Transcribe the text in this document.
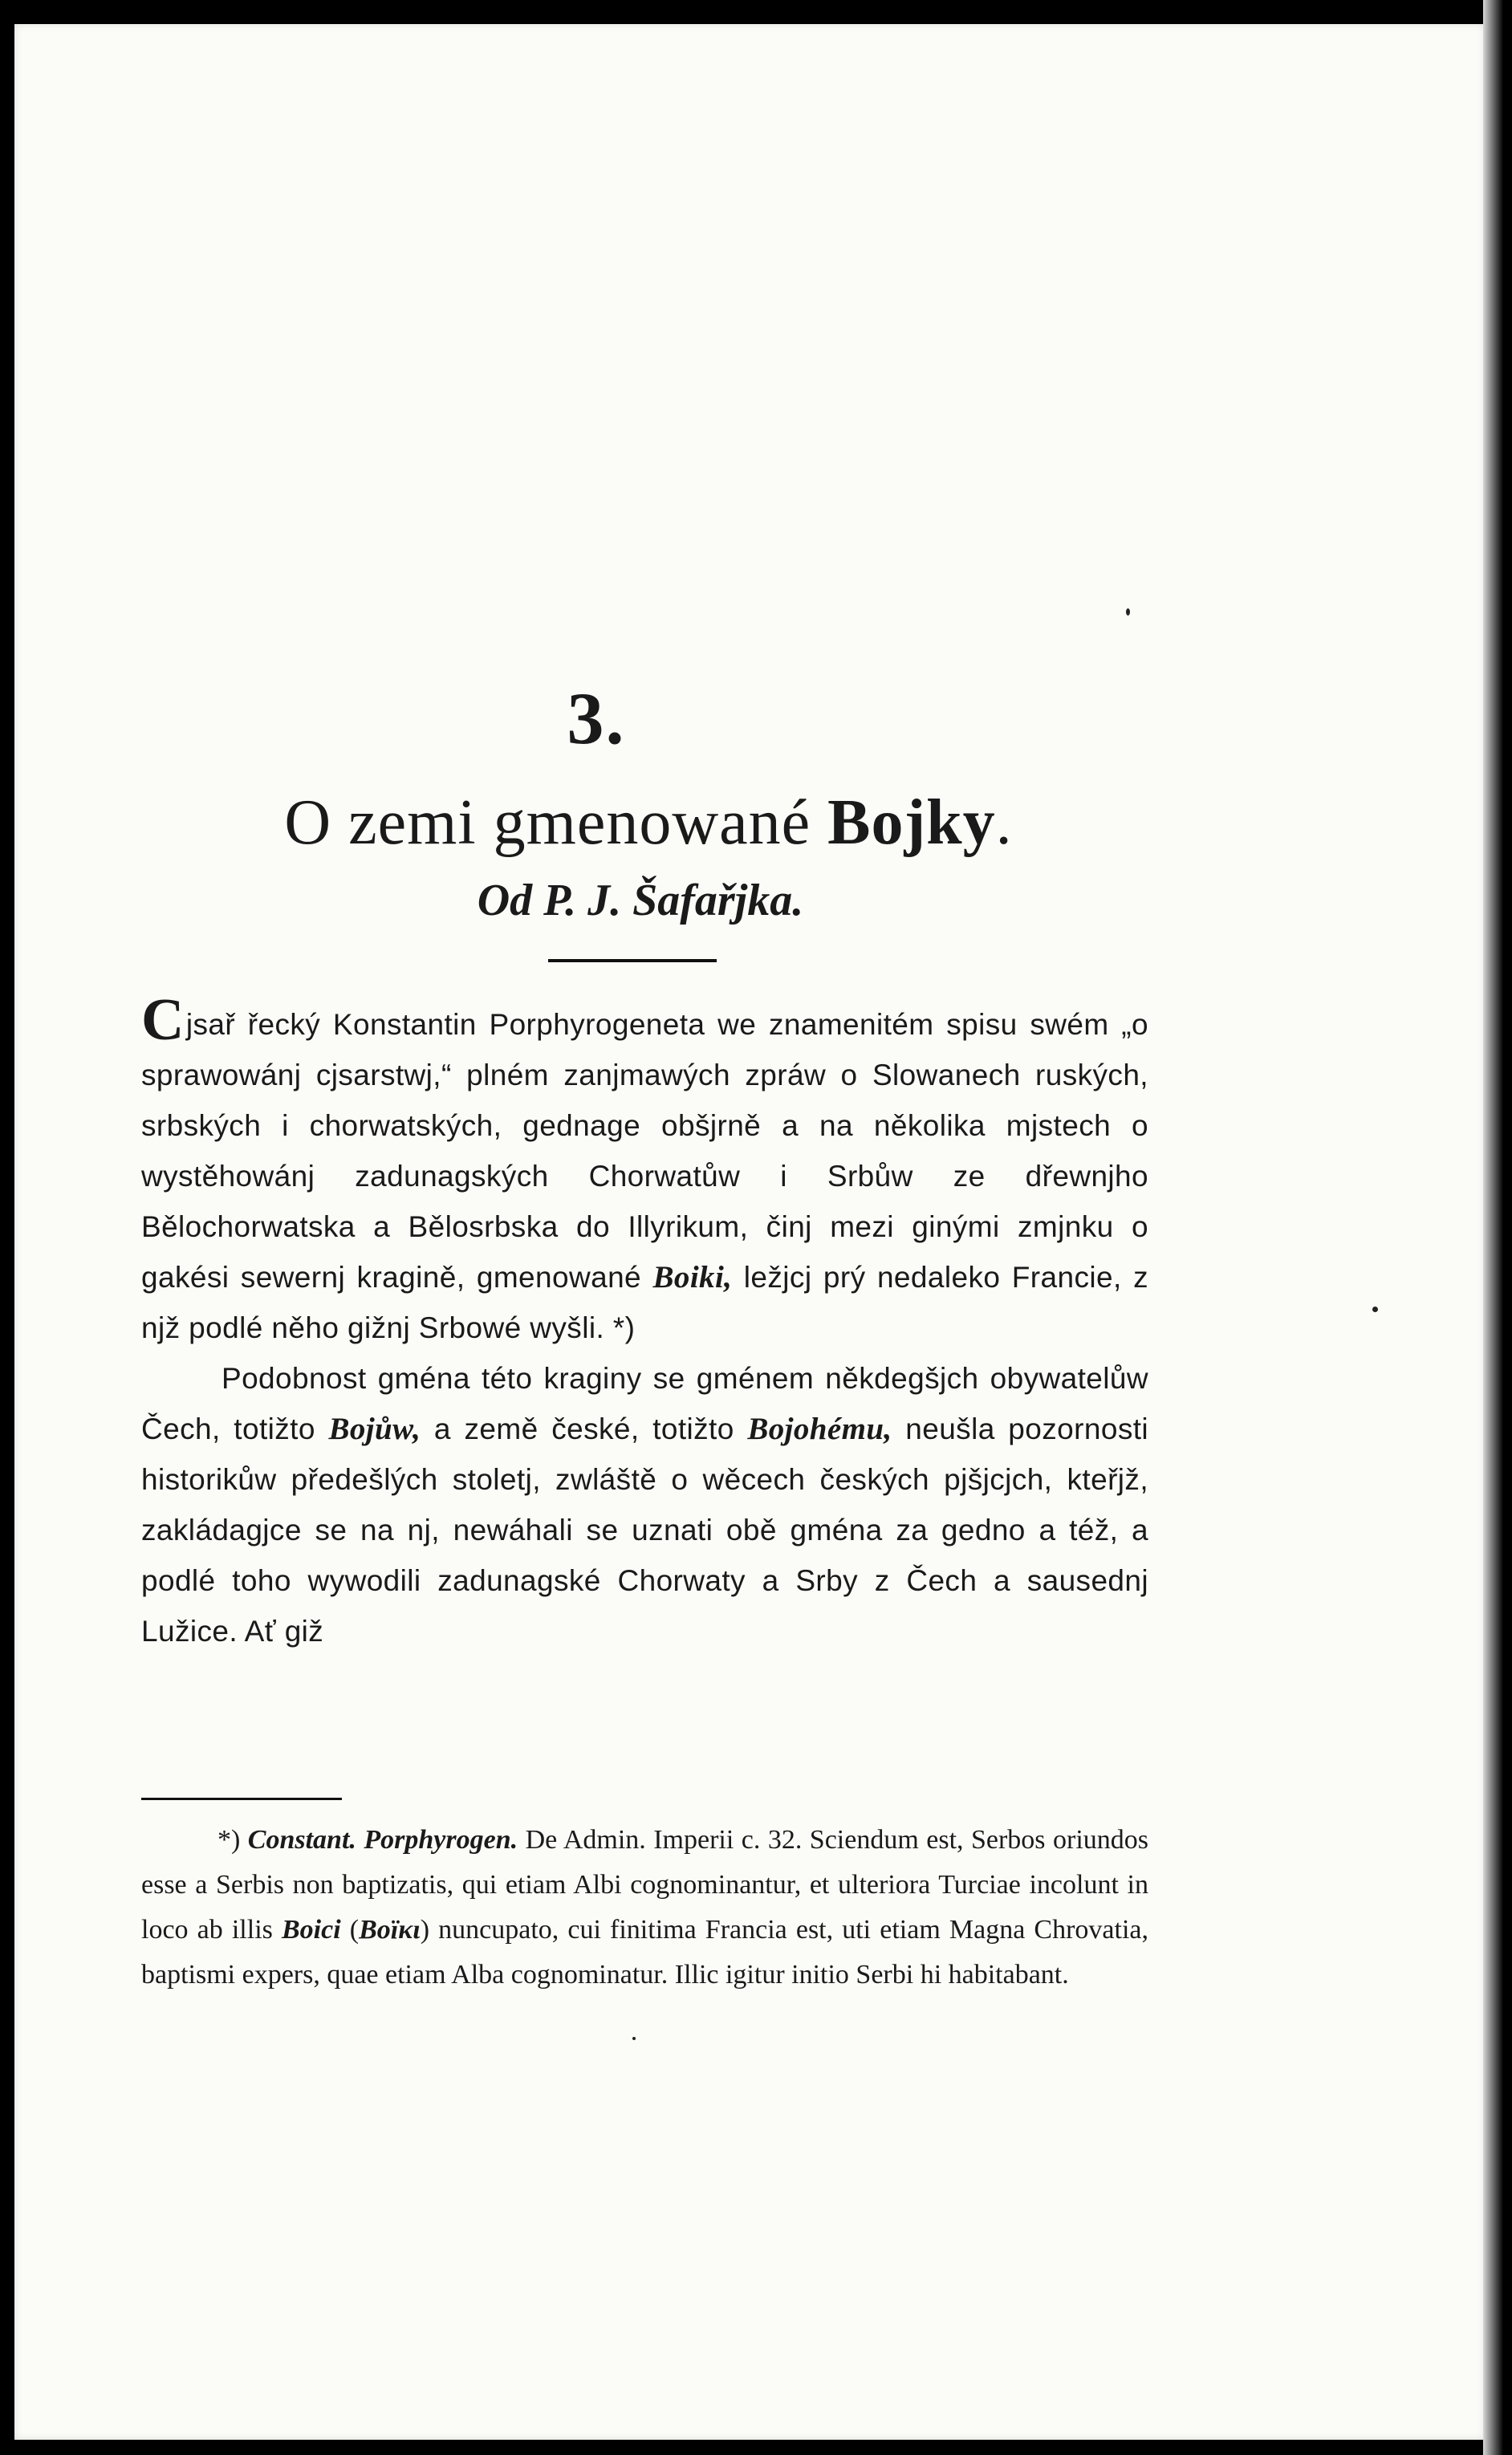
3.
O zemi gmenowané Bojky.
Od P. J. Šafařjka.

Cjsař řecký Konstantin Porphyrogeneta we znamenitém spisu swém „o sprawowánj cjsarstwj,“ plném zanjmawých zpráw o Slowanech ruských, srbských i chorwatských, gednage obšjrně a na několika mjstech o wystěhowánj zadunagských Chorwatůw i Srbůw ze dřewnjho Bělochorwatska a Bělosrbska do Illyrikum, činj mezi ginými zmjnku o gakési sewernj kragině, gmenowané Boiki, ležjcj prý nedaleko Francie, z njž podlé něho gižnj Srbowé wyšli. *)

Podobnost gména této kraginy se gménem někdegšjch obywatelůw Čech, totižto Bojůw, a země české, totižto Bojohému, neušla pozornosti historikůw předešlých stoletj, zwláště o wěcech českých pjšjcjch, kteřjž, zakládagjce se na nj, newáhali se uznati obě gména za gedno a též, a podlé toho wywodili zadunagské Chorwaty a Srby z Čech a sausednj Lužice. Ať giž

*) Constant. Porphyrogen. De Admin. Imperii c. 32. Sciendum est, Serbos oriundos esse a Serbis non baptizatis, qui etiam Albi cognominantur, et ulteriora Turciae incolunt in loco ab illis Boici (Βοϊκι) nuncupato, cui finitima Francia est, uti etiam Magna Chrovatia, baptismi expers, quae etiam Alba cognominatur. Illic igitur initio Serbi hi habitabant.
